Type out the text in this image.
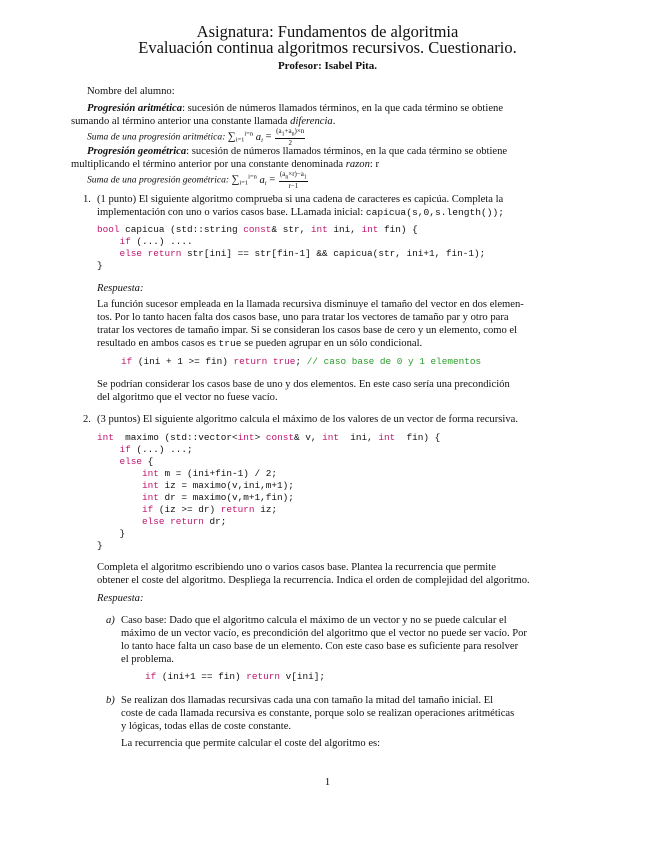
Asignatura: Fundamentos de algoritmia
Evaluación continua algoritmos recursivos. Cuestionario.
Profesor: Isabel Pita.
Nombre del alumno:
Progresión aritmética: sucesión de números llamados términos, en la que cada término se obtiene
sumando al término anterior una constante llamada diferencia.
Suma de una progresión aritmética: $\sum_{i=1}^{i=n}$ $a_i = \frac{(a_1+a_n)\times n}{2}$
Progresión geométrica: sucesión de números llamados términos, en la que cada término se obtiene
multiplicando el término anterior por una constante denominada razon: r
Suma de una progresión geométrica: $\sum_{i=1}^{i=n}$ $a_i = \frac{(a_n\times r)-a_1}{r-1}$
1. (1 punto) El siguiente algoritmo comprueba si una cadena de caracteres es capicúa. Completa la
implementación con uno o varios casos base. LLamada inicial: capicua(s,0,s.length());
bool capicua (std::string const& str, int ini, int fin) {
if (...) ....
else return str[ini] == str[fin-1] && capicua(str, ini+1, fin-1);
}
Respuesta:
La función sucesor empleada en la llamada recursiva disminuye el tamaño del vector en dos elemen-
tos. Por lo tanto hacen falta dos casos base, uno para tratar los vectores de tamaño par y otro para
tratar los vectores de tamaño impar. Si se consideran los casos base de cero y un elemento, como el
resultado en ambos casos es true se pueden agrupar en un sólo condicional.
if (ini + 1 >= fin) return true; // caso base de 0 y 1 elementos
Se podrían considerar los casos base de uno y dos elementos. En este caso sería una precondición
del algoritmo que el vector no fuese vacío.
2. (3 puntos) El siguiente algoritmo calcula el máximo de los valores de un vector de forma recursiva.
int  maximo (std::vector<int> const& v, int  ini, int  fin) {
if (...) ...;
else {
int m = (ini+fin-1) / 2;
int iz = maximo(v,ini,m+1);
int dr = maximo(v,m+1,fin);
if (iz >= dr) return iz;
else return dr;
}
}
Completa el algoritmo escribiendo uno o varios casos base. Plantea la recurrencia que permite
obtener el coste del algoritmo. Despliega la recurrencia. Indica el orden de complejidad del algoritmo.
Respuesta:
a) Caso base: Dado que el algoritmo calcula el máximo de un vector y no se puede calcular el
máximo de un vector vacío, es precondición del algoritmo que el vector no puede ser vacío. Por
lo tanto hace falta un caso base de un elemento. Con este caso base es suficiente para resolver
el problema.
if (ini+1 == fin) return v[ini];
b) Se realizan dos llamadas recursivas cada una con tamaño la mitad del tamaño inicial. El
coste de cada llamada recursiva es constante, porque solo se realizan operaciones aritméticas
y lógicas, todas ellas de coste constante.
La recurrencia que permite calcular el coste del algoritmo es:
1
